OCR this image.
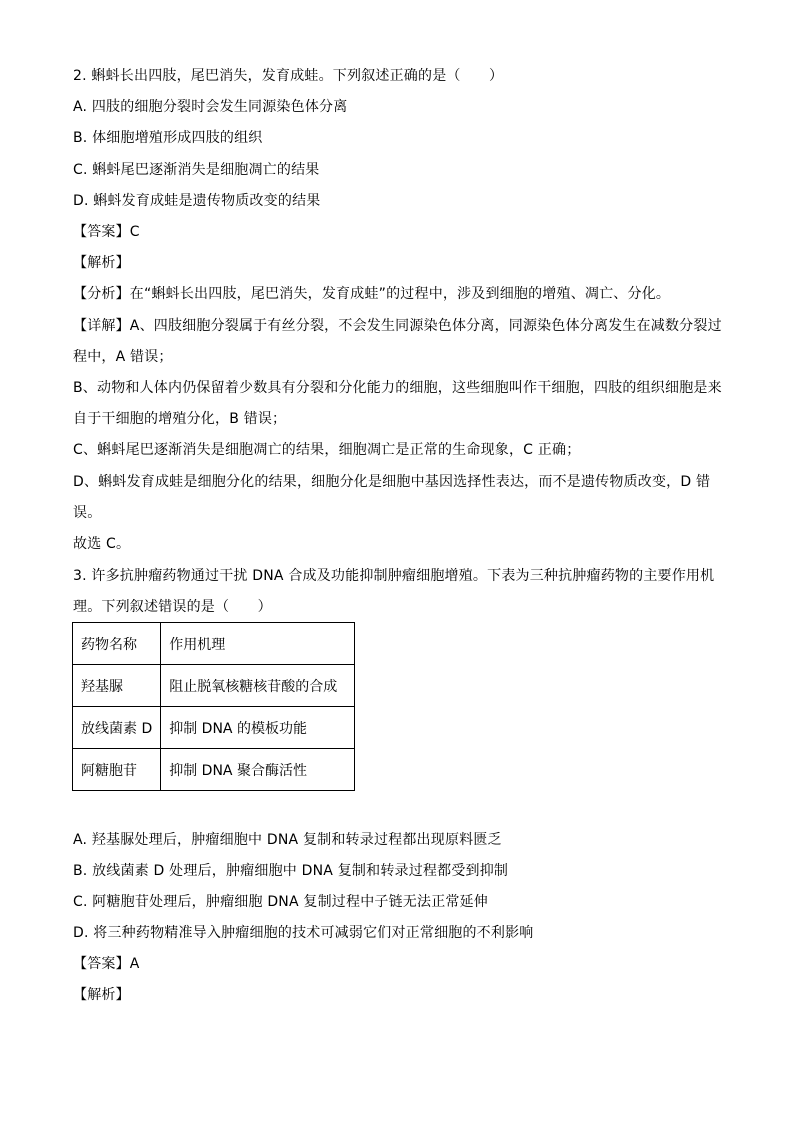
2. 蝌蚪长出四肢，尾巴消失，发育成蛙。下列叙述正确的是（　　）
A. 四肢的细胞分裂时会发生同源染色体分离
B. 体细胞增殖形成四肢的组织
C. 蝌蚪尾巴逐渐消失是细胞凋亡的结果
D. 蝌蚪发育成蛙是遗传物质改变的结果
【答案】C
【解析】
【分析】在“蝌蚪长出四肢，尾巴消失，发育成蛙”的过程中，涉及到细胞的增殖、凋亡、分化。
【详解】A、四肢细胞分裂属于有丝分裂，不会发生同源染色体分离，同源染色体分离发生在减数分裂过
程中，A 错误；
B、动物和人体内仍保留着少数具有分裂和分化能力的细胞，这些细胞叫作干细胞，四肢的组织细胞是来
自于干细胞的增殖分化，B 错误；
C、蝌蚪尾巴逐渐消失是细胞凋亡的结果，细胞凋亡是正常的生命现象，C 正确；
D、蝌蚪发育成蛙是细胞分化的结果，细胞分化是细胞中基因选择性表达，而不是遗传物质改变，D 错
误。
故选 C。
3. 许多抗肿瘤药物通过干扰 DNA 合成及功能抑制肿瘤细胞增殖。下表为三种抗肿瘤药物的主要作用机
理。下列叙述错误的是（　　）
药物名称	作用机理
羟基脲	阻止脱氧核糖核苷酸的合成
放线菌素 D	抑制 DNA 的模板功能
阿糖胞苷	抑制 DNA 聚合酶活性
A. 羟基脲处理后，肿瘤细胞中 DNA 复制和转录过程都出现原料匮乏
B. 放线菌素 D 处理后，肿瘤细胞中 DNA 复制和转录过程都受到抑制
C. 阿糖胞苷处理后，肿瘤细胞 DNA 复制过程中子链无法正常延伸
D. 将三种药物精准导入肿瘤细胞的技术可减弱它们对正常细胞的不利影响
【答案】A
【解析】
